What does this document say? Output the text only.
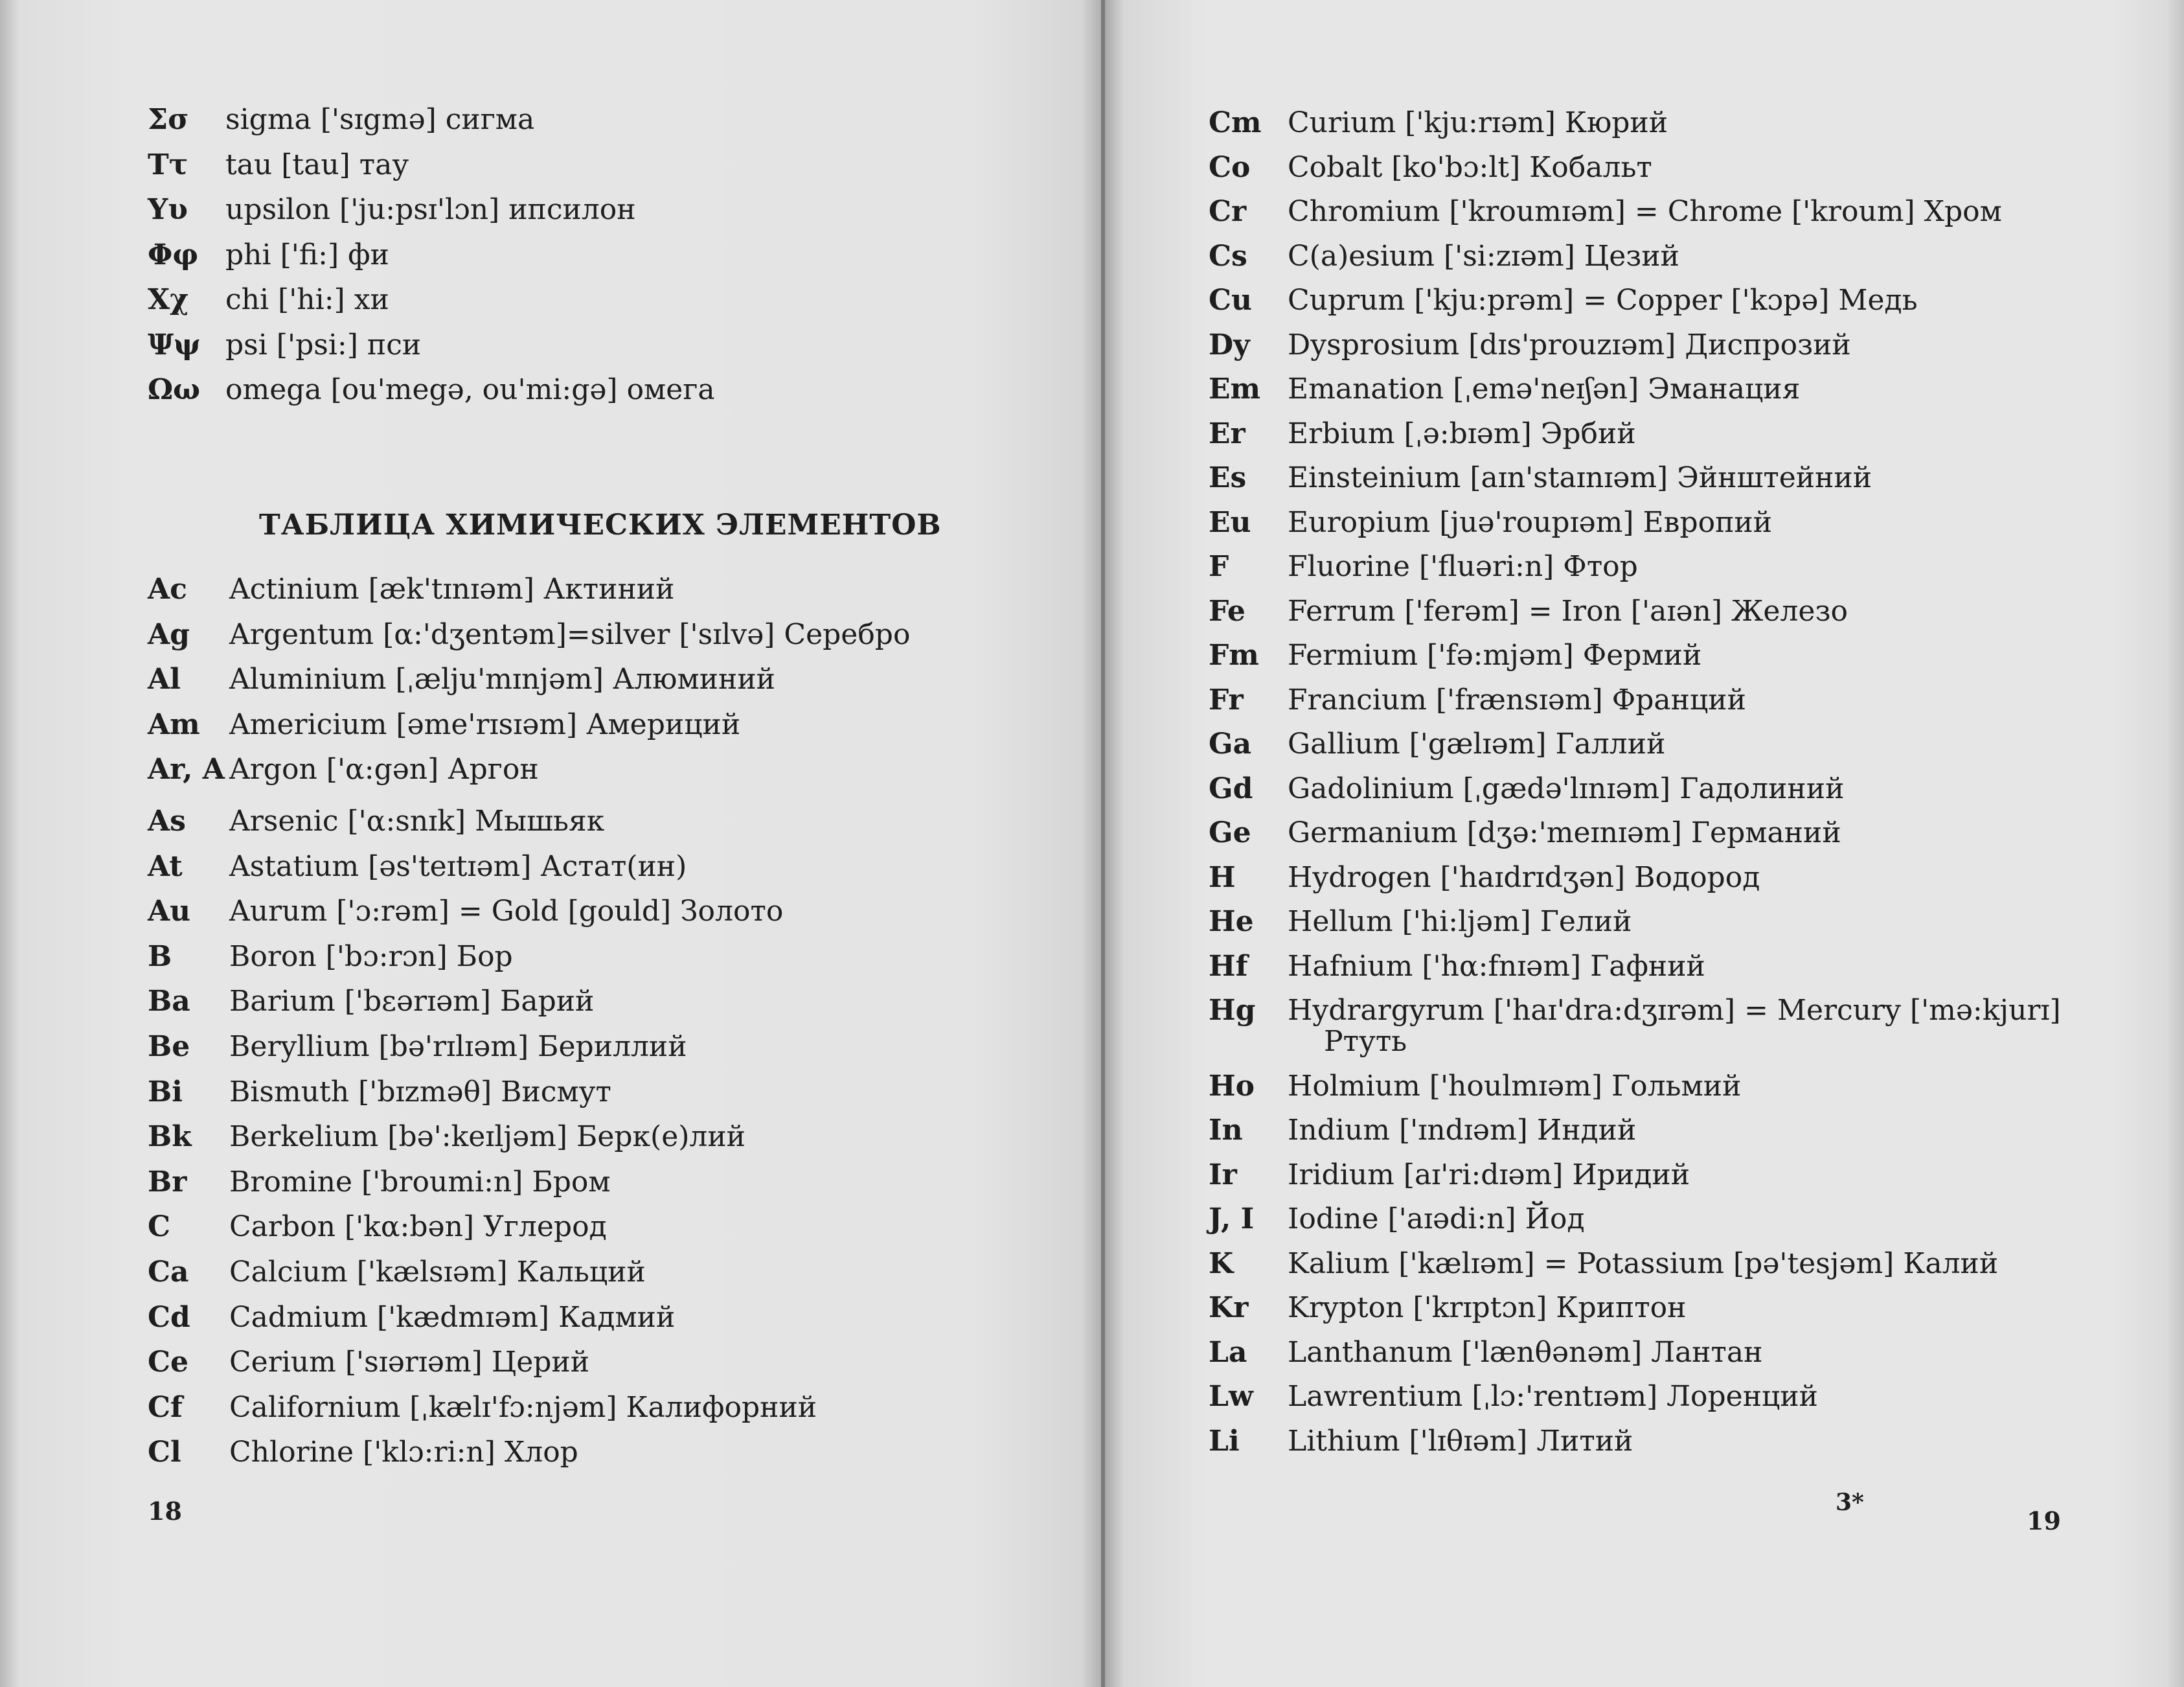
Σσ sigma ['sɪgmə] сигма
Ττ tau [tau] тау
Υυ upsilon ['ju:psɪ'lɔn] ипсилон
Φφ phi ['fi:] фи
Χχ chi ['hi:] хи
Ψψ psi ['psi:] пси
Ωω omega [ou'megə, ou'mi:gə] омега
ТАБЛИЦА ХИМИЧЕСКИХ ЭЛЕМЕНТОВ
Ac Actinium [æk'tɪnɪəm] Актиний
Ag Argentum [α:'dʒentəm]=silver ['sɪlvə] Серебро
Al Aluminium [ˌælju'mɪnjəm] Алюминий
Am Americium [əme'rɪsɪəm] Америций
Ar, A Argon ['α:gən] Аргон
As Arsenic ['α:snɪk] Мышьяк
At Astatium [əs'teɪtɪəm] Астат(ин)
Au Aurum ['ɔ:rəm] = Gold [gould] Золото
B Boron ['bɔ:rɔn] Бор
Ba Barium ['bɛərɪəm] Барий
Be Beryllium [bə'rɪlɪəm] Бериллий
Bi Bismuth ['bɪzməθ] Висмут
Bk Berkelium [bə':keɪljəm] Берк(е)лий
Br Bromine ['broumi:n] Бром
C Carbon ['kα:bən] Углерод
Ca Calcium ['kælsɪəm] Кальций
Cd Cadmium ['kædmɪəm] Кадмий
Ce Cerium ['sɪərɪəm] Церий
Cf Californium [ˌkælɪ'fɔ:njəm] Калифорний
Cl Chlorine ['klɔ:ri:n] Хлор
18
Cm Curium ['kju:rɪəm] Кюрий
Co Cobalt [ko'bɔ:lt] Кобальт
Cr Chromium ['kroumɪəm] = Chrome ['kroum] Хром
Cs C(a)esium ['si:zɪəm] Цезий
Cu Cuprum ['kju:prəm] = Copper ['kɔpə] Медь
Dy Dysprosium [dɪs'prouzɪəm] Диспрозий
Em Emanation [ˌemə'neɪʃən] Эманация
Er Erbium [ˌə:bɪəm] Эрбий
Es Einsteinium [aɪn'staɪnɪəm] Эйнштейний
Eu Europium [juə'roupɪəm] Европий
F Fluorine ['fluəri:n] Фтор
Fe Ferrum ['ferəm] = Iron ['aɪən] Железо
Fm Fermium ['fə:mjəm] Фермий
Fr Francium ['frænsɪəm] Франций
Ga Gallium ['gælɪəm] Галлий
Gd Gadolinium [ˌgædə'lɪnɪəm] Гадолиний
Ge Germanium [dʒə:'meɪnɪəm] Германий
H Hydrogen ['haɪdrɪdʒən] Водород
He Hellum ['hi:ljəm] Гелий
Hf Hafnium ['hα:fnɪəm] Гафний
Hg Hydrargyrum ['haɪ'dra:dʒɪrəm] = Mercury ['mə:kjurɪ]
Ртуть
Ho Holmium ['houlmɪəm] Гольмий
In Indium ['ɪndɪəm] Индий
Ir Iridium [aɪ'ri:dɪəm] Иридий
J, I Iodine ['aɪədi:n] Йод
K Kalium ['kælɪəm] = Potassium [pə'tesjəm] Калий
Kr Krypton ['krɪptɔn] Криптон
La Lanthanum ['lænθənəm] Лантан
Lw Lawrentium [ˌlɔ:'rentɪəm] Лоренций
Li Lithium ['lɪθɪəm] Литий
3*
19
